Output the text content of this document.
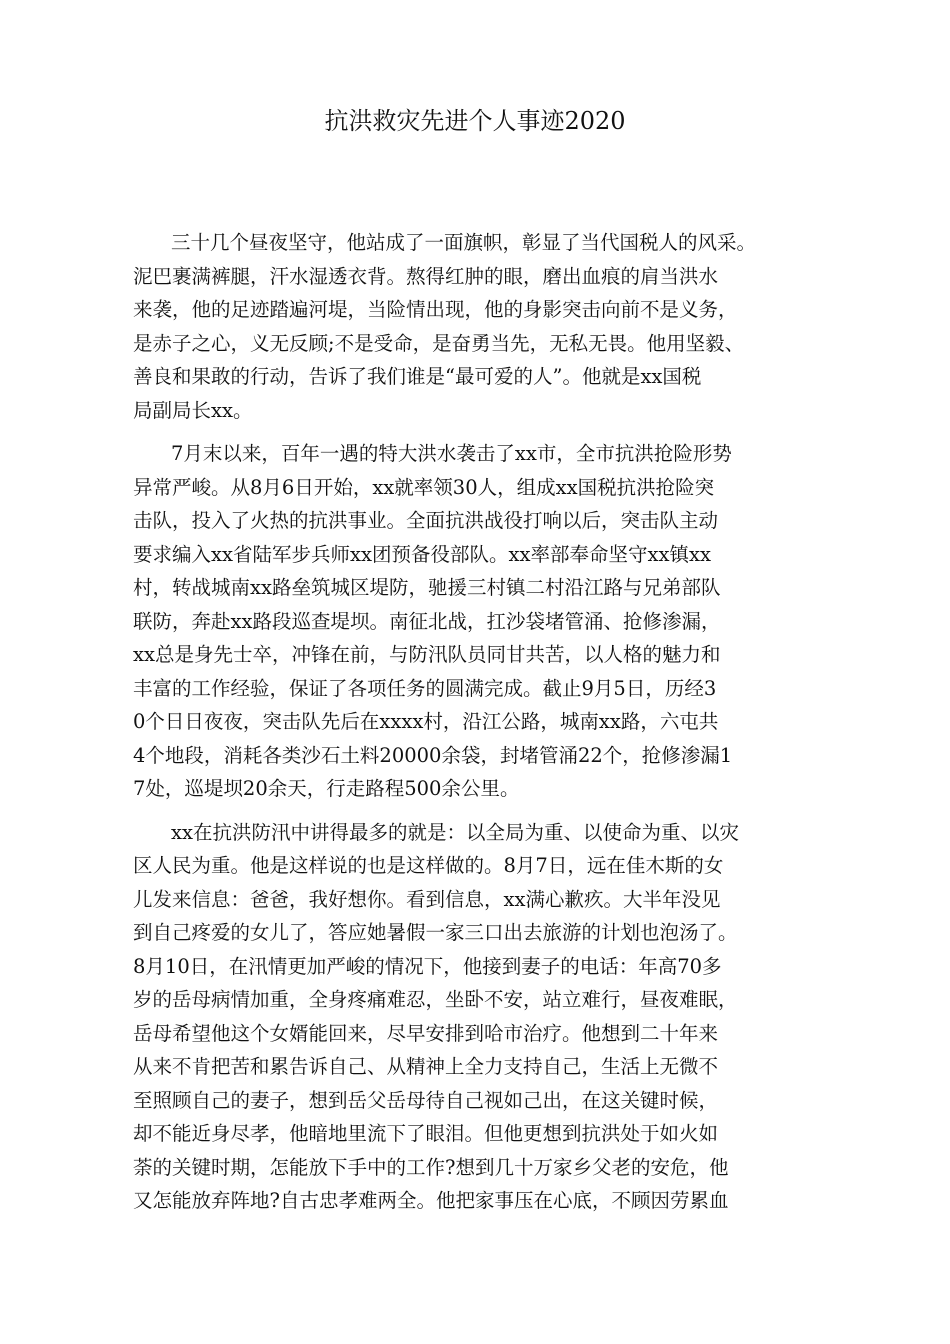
抗洪救灾先进个人事迹2020
三十几个昼夜坚守，他站成了一面旗帜，彰显了当代国税人的风采。
泥巴裹满裤腿，汗水湿透衣背。熬得红肿的眼，磨出血痕的肩当洪水
来袭，他的足迹踏遍河堤，当险情出现，他的身影突击向前不是义务，
是赤子之心，义无反顾;不是受命，是奋勇当先，无私无畏。他用坚毅、
善良和果敢的行动，告诉了我们谁是“最可爱的人”。他就是xx国税
局副局长xx。
7月末以来，百年一遇的特大洪水袭击了xx市，全市抗洪抢险形势
异常严峻。从8月6日开始，xx就率领30人，组成xx国税抗洪抢险突
击队，投入了火热的抗洪事业。全面抗洪战役打响以后，突击队主动
要求编入xx省陆军步兵师xx团预备役部队。xx率部奉命坚守xx镇xx
村，转战城南xx路垒筑城区堤防，驰援三村镇二村沿江路与兄弟部队
联防，奔赴xx路段巡查堤坝。南征北战，扛沙袋堵管涌、抢修渗漏，
xx总是身先士卒，冲锋在前，与防汛队员同甘共苦，以人格的魅力和
丰富的工作经验，保证了各项任务的圆满完成。截止9月5日，历经3
0个日日夜夜，突击队先后在xxxx村，沿江公路，城南xx路，六屯共
4个地段，消耗各类沙石土料20000余袋，封堵管涌22个，抢修渗漏1
7处，巡堤坝20余天，行走路程500余公里。
xx在抗洪防汛中讲得最多的就是：以全局为重、以使命为重、以灾
区人民为重。他是这样说的也是这样做的。8月7日，远在佳木斯的女
儿发来信息：爸爸，我好想你。看到信息，xx满心歉疚。大半年没见
到自己疼爱的女儿了，答应她暑假一家三口出去旅游的计划也泡汤了。
8月10日，在汛情更加严峻的情况下，他接到妻子的电话：年高70多
岁的岳母病情加重，全身疼痛难忍，坐卧不安，站立难行，昼夜难眠，
岳母希望他这个女婿能回来，尽早安排到哈市治疗。他想到二十年来
从来不肯把苦和累告诉自己、从精神上全力支持自己，生活上无微不
至照顾自己的妻子，想到岳父岳母待自己视如己出，在这关键时候，
却不能近身尽孝，他暗地里流下了眼泪。但他更想到抗洪处于如火如
荼的关键时期，怎能放下手中的工作?想到几十万家乡父老的安危，他
又怎能放弃阵地?自古忠孝难两全。他把家事压在心底，不顾因劳累血
